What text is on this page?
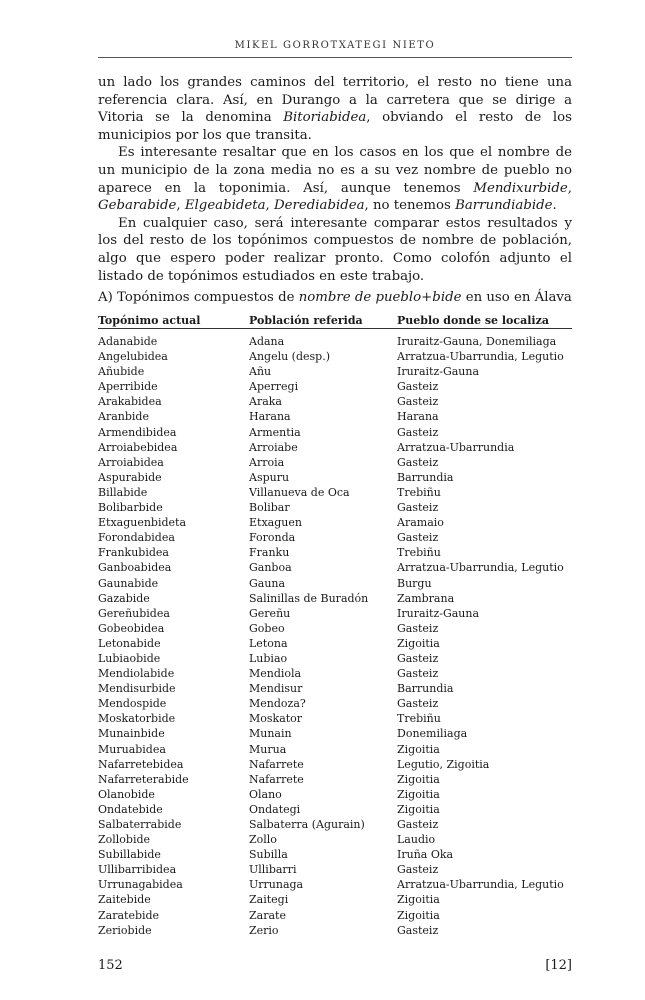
MIKEL GORROTXATEGI NIETO

un lado los grandes caminos del territorio, el resto no tiene una referencia clara. Así, en Durango a la carretera que se dirige a Vitoria se la denomina Bitoriabidea, obviando el resto de los municipios por los que transita.

Es interesante resaltar que en los casos en los que el nombre de un municipio de la zona media no es a su vez nombre de pueblo no aparece en la toponimia. Así, aunque tenemos Mendixurbide, Gebarabide, Elgeabideta, Derediabidea, no tenemos Barrundiabide.

En cualquier caso, será interesante comparar estos resultados y los del resto de los topónimos compuestos de nombre de población, algo que espero poder realizar pronto. Como colofón adjunto el listado de topónimos estudiados en este trabajo.

A) Topónimos compuestos de nombre de pueblo+bide en uso en Álava
Topónimo actual	Población referida	Pueblo donde se localiza
Adanabide	Adana	Iruraitz-Gauna, Donemiliaga
Angelubidea	Angelu (desp.)	Arratzua-Ubarrundia, Legutio
Añubide	Añu	Iruraitz-Gauna
Aperribide	Aperregi	Gasteiz
Arakabidea	Araka	Gasteiz
Aranbide	Harana	Harana
Armendibidea	Armentia	Gasteiz
Arroiabebidea	Arroiabe	Arratzua-Ubarrundia
Arroiabidea	Arroia	Gasteiz
Aspurabide	Aspuru	Barrundia
Billabide	Villanueva de Oca	Trebiñu
Bolibarbide	Bolibar	Gasteiz
Etxaguenbideta	Etxaguen	Aramaio
Forondabidea	Foronda	Gasteiz
Frankubidea	Franku	Trebiñu
Ganboabidea	Ganboa	Arratzua-Ubarrundia, Legutio
Gaunabide	Gauna	Burgu
Gazabide	Salinillas de Buradón	Zambrana
Gereñubidea	Gereñu	Iruraitz-Gauna
Gobeobidea	Gobeo	Gasteiz
Letonabide	Letona	Zigoitia
Lubiaobide	Lubiao	Gasteiz
Mendiolabide	Mendiola	Gasteiz
Mendisurbide	Mendisur	Barrundia
Mendospide	Mendoza?	Gasteiz
Moskatorbide	Moskator	Trebiñu
Munainbide	Munain	Donemiliaga
Muruabidea	Murua	Zigoitia
Nafarretebidea	Nafarrete	Legutio, Zigoitia
Nafarreterabide	Nafarrete	Zigoitia
Olanobide	Olano	Zigoitia
Ondatebide	Ondategi	Zigoitia
Salbaterrabide	Salbaterra (Agurain)	Gasteiz
Zollobide	Zollo	Laudio
Subillabide	Subilla	Iruña Oka
Ullibarribidea	Ullibarri	Gasteiz
Urrunagabidea	Urrunaga	Arratzua-Ubarrundia, Legutio
Zaitebide	Zaitegi	Zigoitia
Zaratebide	Zarate	Zigoitia
Zeriobide	Zerio	Gasteiz
152	[12]
